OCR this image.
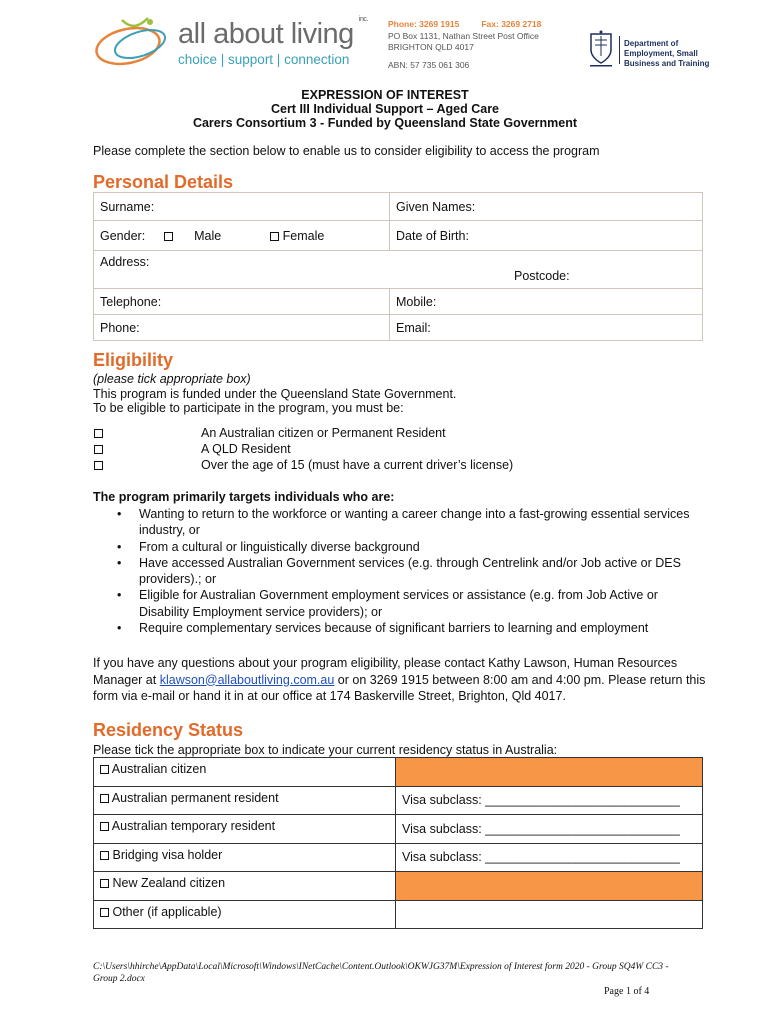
all about living inc.
choice | support | connection
Phone: 3269 1915	Fax: 3269 2718
PO Box 1131, Nathan Street Post Office
BRIGHTON QLD 4017
ABN: 57 735 061 306
Department of
Employment, Small
Business and Training
EXPRESSION OF INTEREST
Cert III Individual Support – Aged Care
Carers Consortium 3 - Funded by Queensland State Government
Please complete the section below to enable us to consider eligibility to access the program
Personal Details
Surname:	Given Names:
Gender: Male Female	Date of Birth:
Address:
Postcode:	

Telephone:	Mobile:
Phone:	Email:
Eligibility
(please tick appropriate box)
This program is funded under the Queensland State Government.
To be eligible to participate in the program, you must be:
An Australian citizen or Permanent Resident
A QLD Resident
Over the age of 15 (must have a current driver’s license)
The program primarily targets individuals who are:
• Wanting to return to the workforce or wanting a career change into a fast-growing essential services industry, or
• From a cultural or linguistically diverse background
• Have accessed Australian Government services (e.g. through Centrelink and/or Job active or DES providers).; or
• Eligible for Australian Government employment services or assistance (e.g. from Job Active or Disability Employment service providers); or
• Require complementary services because of significant barriers to learning and employment
If you have any questions about your program eligibility, please contact Kathy Lawson, Human Resources Manager at klawson@allaboutliving.com.au or on 3269 1915 between 8:00 am and 4:00 pm. Please return this form via e-mail or hand it in at our office at 174 Baskerville Street, Brighton, Qld 4017.
Residency Status
Please tick the appropriate box to indicate your current residency status in Australia:
Australian citizen	
Australian permanent resident	Visa subclass: ____________________________
Australian temporary resident	Visa subclass: ____________________________
Bridging visa holder	Visa subclass: ____________________________
New Zealand citizen	
Other (if applicable)	
C:\Users\hhirche\AppData\Local\Microsoft\Windows\INetCache\Content.Outlook\OKWJG37M\Expression of Interest form 2020 - Group SQ4W CC3 - Group 2.docx
Page 1 of 4
